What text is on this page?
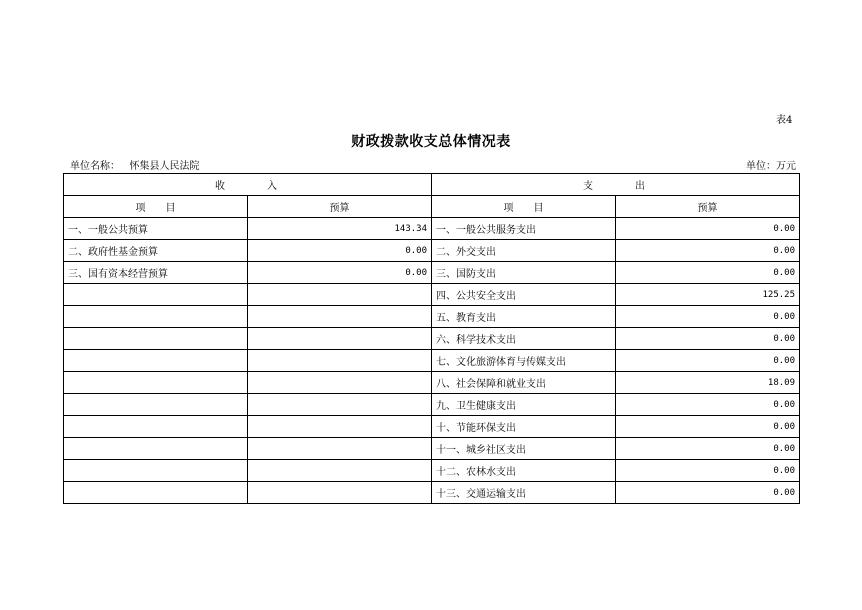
表4
财政拨款收支总体情况表
单位名称： 怀集县人民法院	单位：万元
收　　　入		支　　　出	
项　　目	预算	项　　目	预算
一、一般公共预算	143.34	一、一般公共服务支出	0.00
二、政府性基金预算	0.00	二、外交支出	0.00
三、国有资本经营预算	0.00	三、国防支出	0.00
		四、公共安全支出	125.25
		五、教育支出	0.00
		六、科学技术支出	0.00
		七、文化旅游体育与传媒支出	0.00
		八、社会保障和就业支出	18.09
		九、卫生健康支出	0.00
		十、节能环保支出	0.00
		十一、城乡社区支出	0.00
		十二、农林水支出	0.00
		十三、交通运输支出	0.00
